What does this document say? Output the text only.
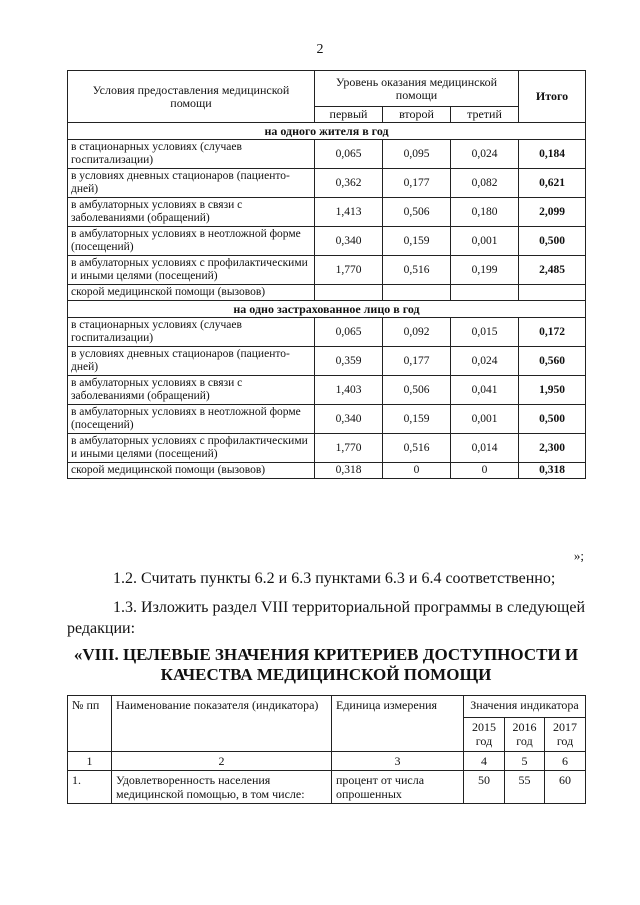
2
Условия предоставления медицинской помощи	Уровень оказания медицинской помощи			Итого
	первый	второй	третий	
на одного жителя в год				
в стационарных условиях (случаев госпитализации)	0,065	0,095	0,024	0,184
в условиях дневных стационаров (пациенто-дней)	0,362	0,177	0,082	0,621
в амбулаторных условиях в связи с заболеваниями (обращений)	1,413	0,506	0,180	2,099
в амбулаторных условиях в неотложной форме (посещений)	0,340	0,159	0,001	0,500
в амбулаторных условиях с профилактическими и иными целями (посещений)	1,770	0,516	0,199	2,485
скорой медицинской помощи (вызовов)				
на одно застрахованное лицо в год				
в стационарных условиях (случаев госпитализации)	0,065	0,092	0,015	0,172
в условиях дневных стационаров (пациенто-дней)	0,359	0,177	0,024	0,560
в амбулаторных условиях в связи с заболеваниями (обращений)	1,403	0,506	0,041	1,950
в амбулаторных условиях в неотложной форме (посещений)	0,340	0,159	0,001	0,500
в амбулаторных условиях с профилактическими и иными целями (посещений)	1,770	0,516	0,014	2,300
скорой медицинской помощи (вызовов)	0,318	0	0	0,318
»;
1.2. Считать пункты 6.2 и 6.3 пунктами 6.3 и 6.4 соответственно;
1.3. Изложить раздел VIII территориальной программы в следующей редакции:
«VIII. ЦЕЛЕВЫЕ ЗНАЧЕНИЯ КРИТЕРИЕВ ДОСТУПНОСТИ И
КАЧЕСТВА МЕДИЦИНСКОЙ ПОМОЩИ
№ пп	Наименование показателя (индикатора)	Единица измерения	Значения индикатора		
			2015 год	2016 год	2017 год
1	2	3	4	5	6
1.	Удовлетворенность населения медицинской помощью, в том числе:	процент от числа опрошенных	50	55	60
